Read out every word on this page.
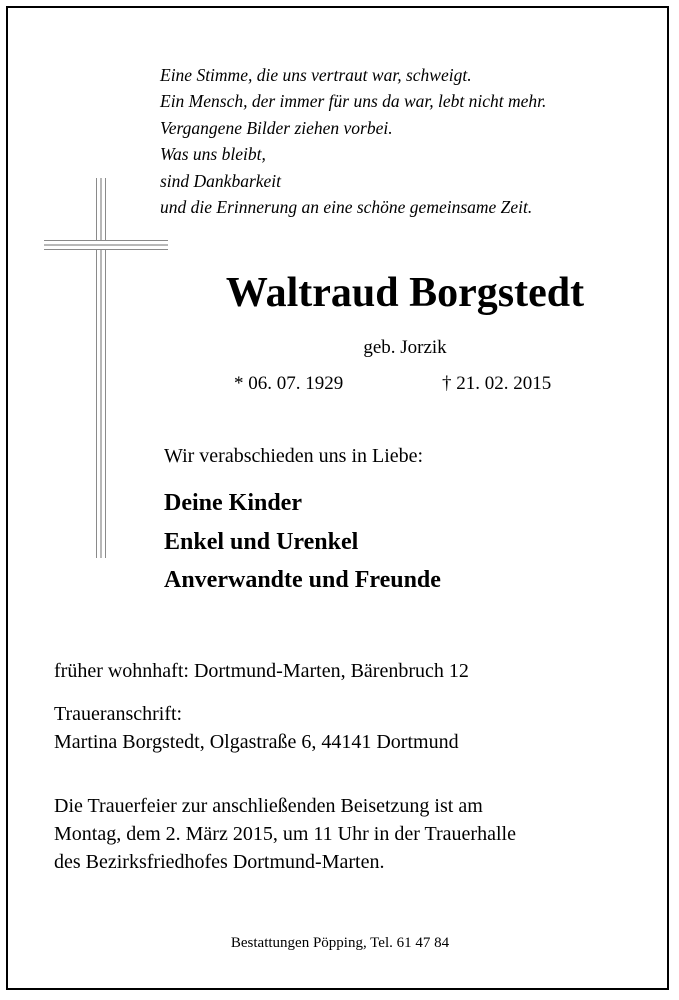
Eine Stimme, die uns vertraut war, schweigt.
Ein Mensch, der immer für uns da war, lebt nicht mehr.
Vergangene Bilder ziehen vorbei.
Was uns bleibt,
sind Dankbarkeit
und die Erinnerung an eine schöne gemeinsame Zeit.
Waltraud Borgstedt
geb. Jorzik
* 06. 07. 1929	† 21. 02. 2015
Wir verabschieden uns in Liebe:
Deine Kinder
Enkel und Urenkel
Anverwandte und Freunde
früher wohnhaft: Dortmund-Marten, Bärenbruch 12
Traueranschrift:
Martina Borgstedt, Olgastraße 6, 44141 Dortmund
Die Trauerfeier zur anschließenden Beisetzung ist am
Montag, dem 2. März 2015, um 11 Uhr in der Trauerhalle
des Bezirksfriedhofes Dortmund-Marten.
Bestattungen Pöpping, Tel. 61 47 84
